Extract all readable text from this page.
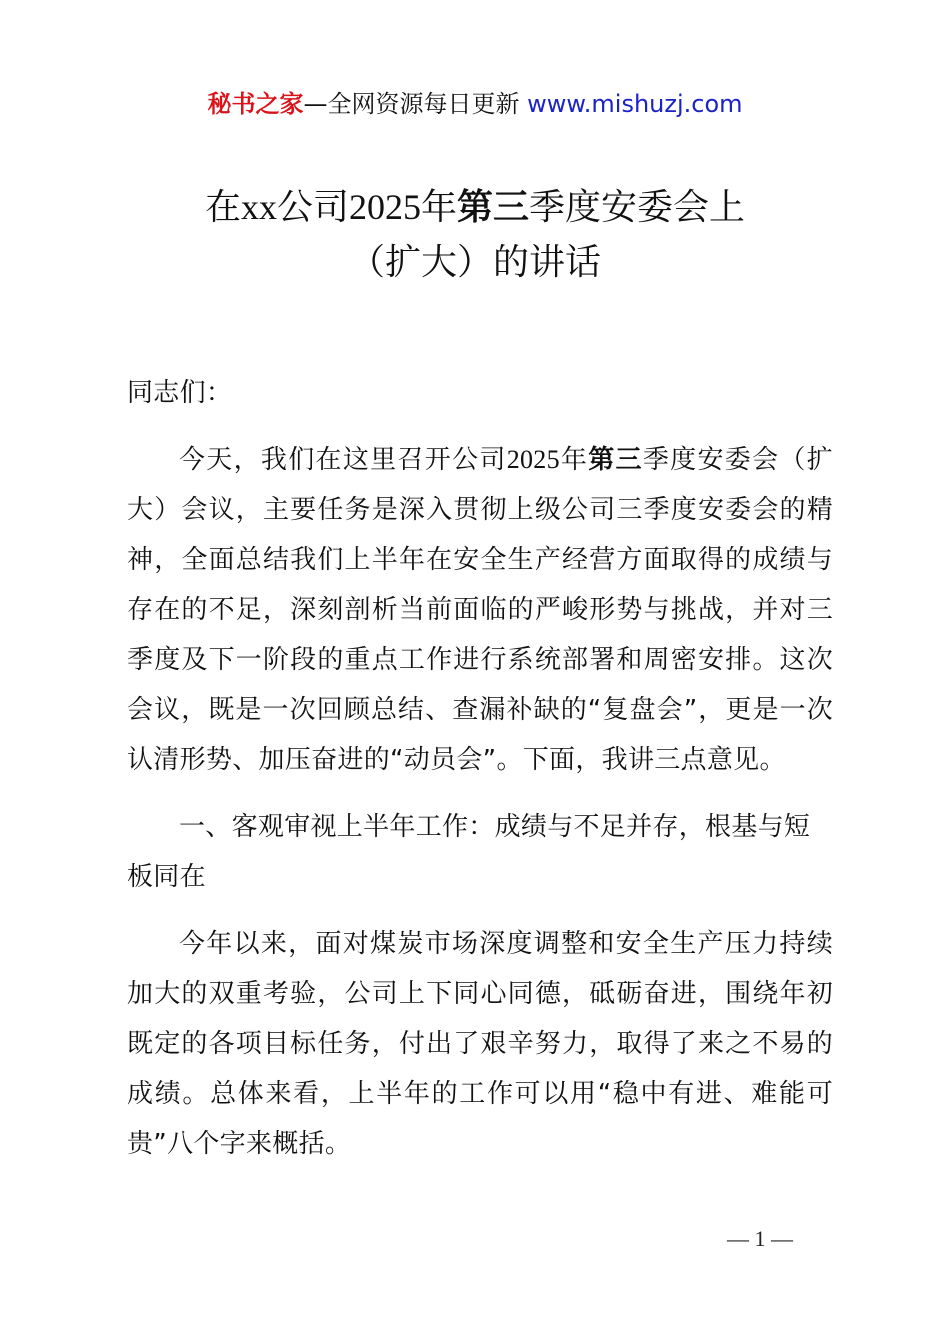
秘书之家—全网资源每日更新 www.mishuzj.com
在xx公司2025年第三季度安委会上
（扩大）的讲话

同志们：

今天，我们在这里召开公司2025年第三季度安委会（扩大）会议，主要任务是深入贯彻上级公司三季度安委会的精神，全面总结我们上半年在安全生产经营方面取得的成绩与存在的不足，深刻剖析当前面临的严峻形势与挑战，并对三季度及下一阶段的重点工作进行系统部署和周密安排。这次会议，既是一次回顾总结、查漏补缺的“复盘会”，更是一次认清形势、加压奋进的“动员会”。下面，我讲三点意见。

一、客观审视上半年工作：成绩与不足并存，根基与短板同在

今年以来，面对煤炭市场深度调整和安全生产压力持续加大的双重考验，公司上下同心同德，砥砺奋进，围绕年初既定的各项目标任务，付出了艰辛努力，取得了来之不易的成绩。总体来看，上半年的工作可以用“稳中有进、难能可贵”八个字来概括。

— 1 —
